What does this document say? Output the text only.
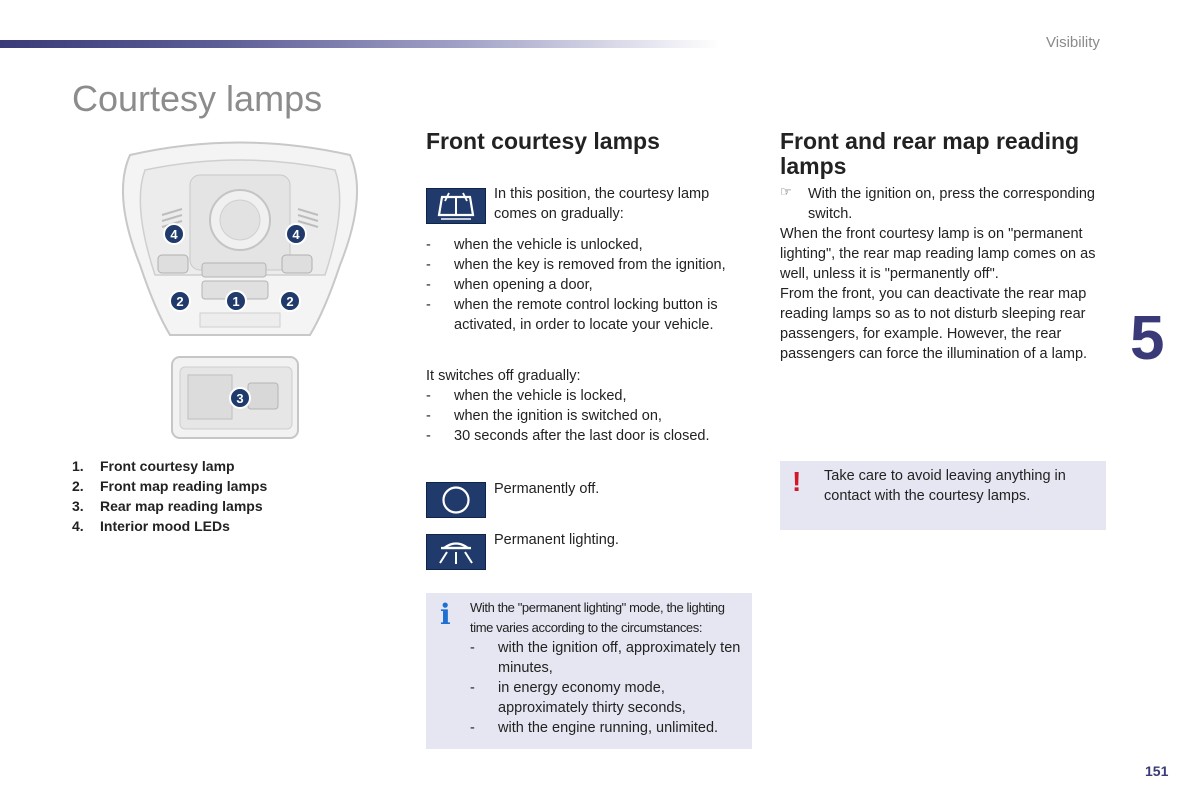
Visibility
Courtesy lamps
5
151
4	4
2	1	2
3
1. Front courtesy lamp
2. Front map reading lamps
3. Rear map reading lamps
4. Interior mood LEDs
Front courtesy lamps
In this position, the courtesy lamp comes on gradually:
- when the vehicle is unlocked,
- when the key is removed from the ignition,
- when opening a door,
- when the remote control locking button is activated, in order to locate your vehicle.
It switches off gradually:
- when the vehicle is locked,
- when the ignition is switched on,
- 30 seconds after the last door is closed.
Permanently off.
Permanent lighting.
i With the "permanent lighting" mode, the lighting time varies according to the circumstances:
- with the ignition off, approximately ten minutes,
- in energy economy mode, approximately thirty seconds,
- with the engine running, unlimited.
Front and rear map reading lamps
☞ With the ignition on, press the corresponding switch.
When the front courtesy lamp is on "permanent lighting", the rear map reading lamp comes on as well, unless it is "permanently off".
From the front, you can deactivate the rear map reading lamps so as to not disturb sleeping rear passengers, for example. However, the rear passengers can force the illumination of a lamp.
! Take care to avoid leaving anything in contact with the courtesy lamps.
